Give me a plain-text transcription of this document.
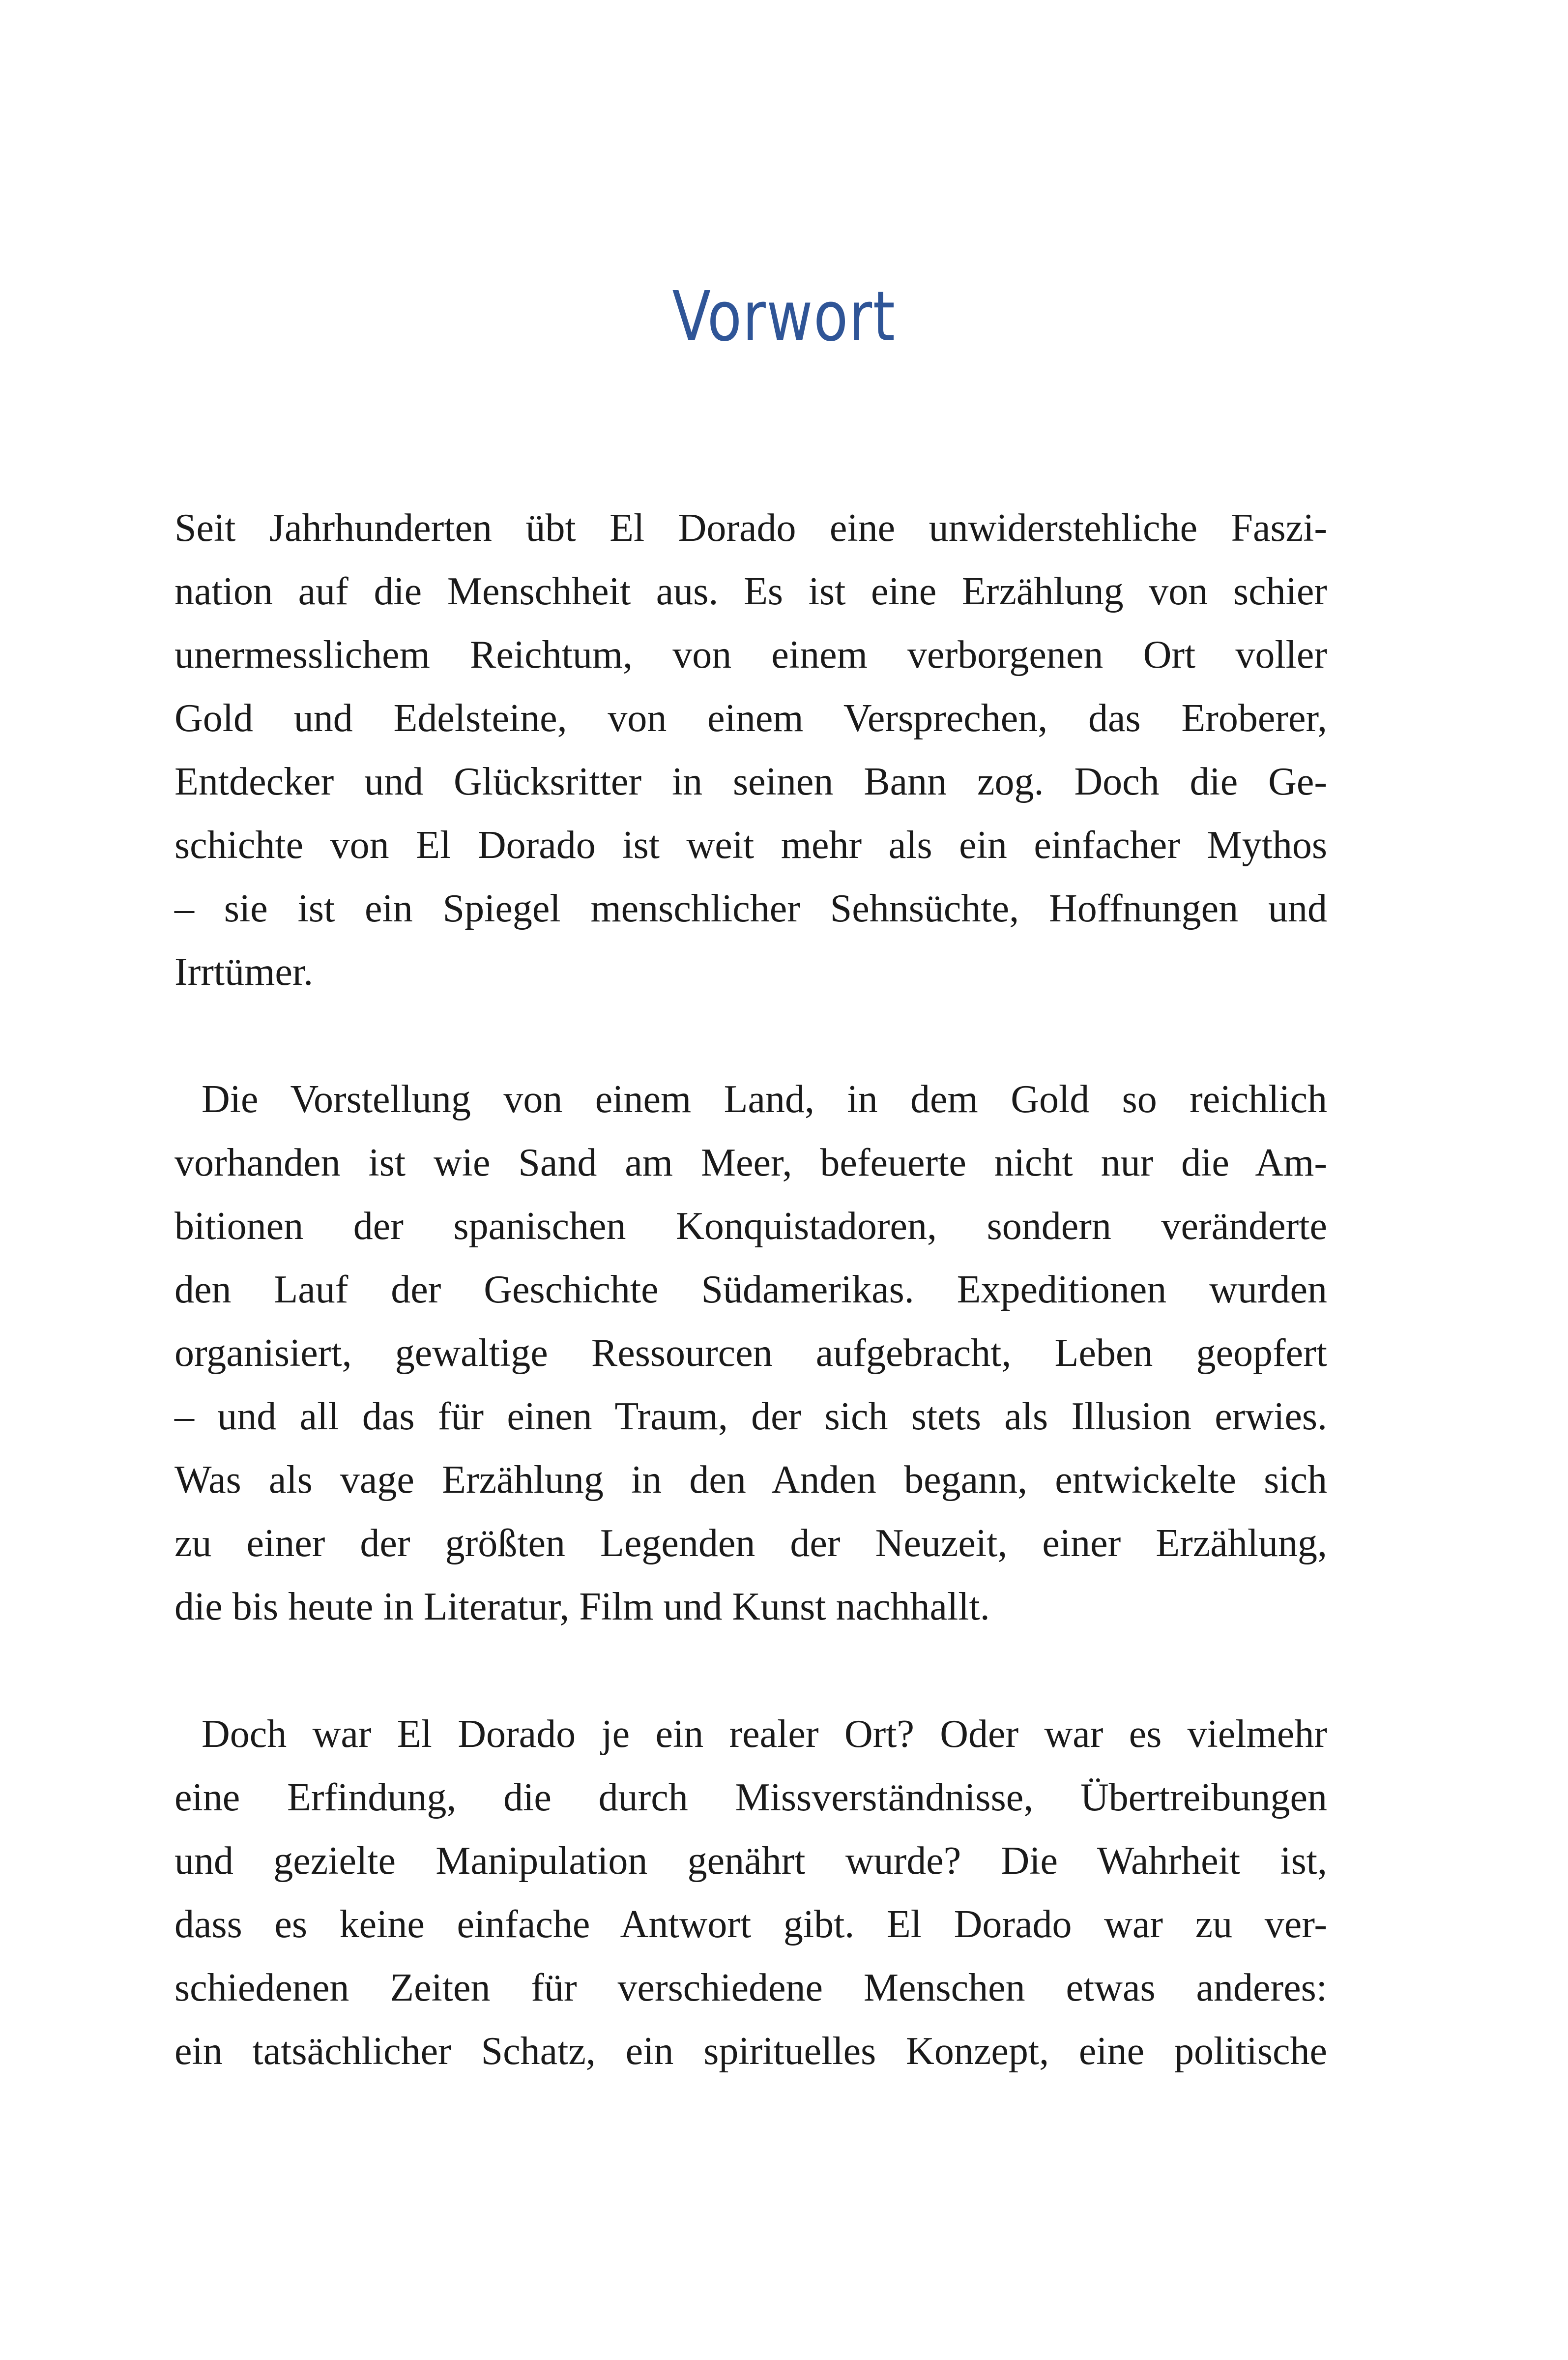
Vorwort
Seit Jahrhunderten übt El Dorado eine unwiderstehliche Faszi-
nation auf die Menschheit aus. Es ist eine Erzählung von schier
unermesslichem Reichtum, von einem verborgenen Ort voller
Gold und Edelsteine, von einem Versprechen, das Eroberer,
Entdecker und Glücksritter in seinen Bann zog. Doch die Ge-
schichte von El Dorado ist weit mehr als ein einfacher Mythos
– sie ist ein Spiegel menschlicher Sehnsüchte, Hoffnungen und
Irrtümer.
Die Vorstellung von einem Land, in dem Gold so reichlich
vorhanden ist wie Sand am Meer, befeuerte nicht nur die Am-
bitionen der spanischen Konquistadoren, sondern veränderte
den Lauf der Geschichte Südamerikas. Expeditionen wurden
organisiert, gewaltige Ressourcen aufgebracht, Leben geopfert
– und all das für einen Traum, der sich stets als Illusion erwies.
Was als vage Erzählung in den Anden begann, entwickelte sich
zu einer der größten Legenden der Neuzeit, einer Erzählung,
die bis heute in Literatur, Film und Kunst nachhallt.
Doch war El Dorado je ein realer Ort? Oder war es vielmehr
eine Erfindung, die durch Missverständnisse, Übertreibungen
und gezielte Manipulation genährt wurde? Die Wahrheit ist,
dass es keine einfache Antwort gibt. El Dorado war zu ver-
schiedenen Zeiten für verschiedene Menschen etwas anderes:
ein tatsächlicher Schatz, ein spirituelles Konzept, eine politische
